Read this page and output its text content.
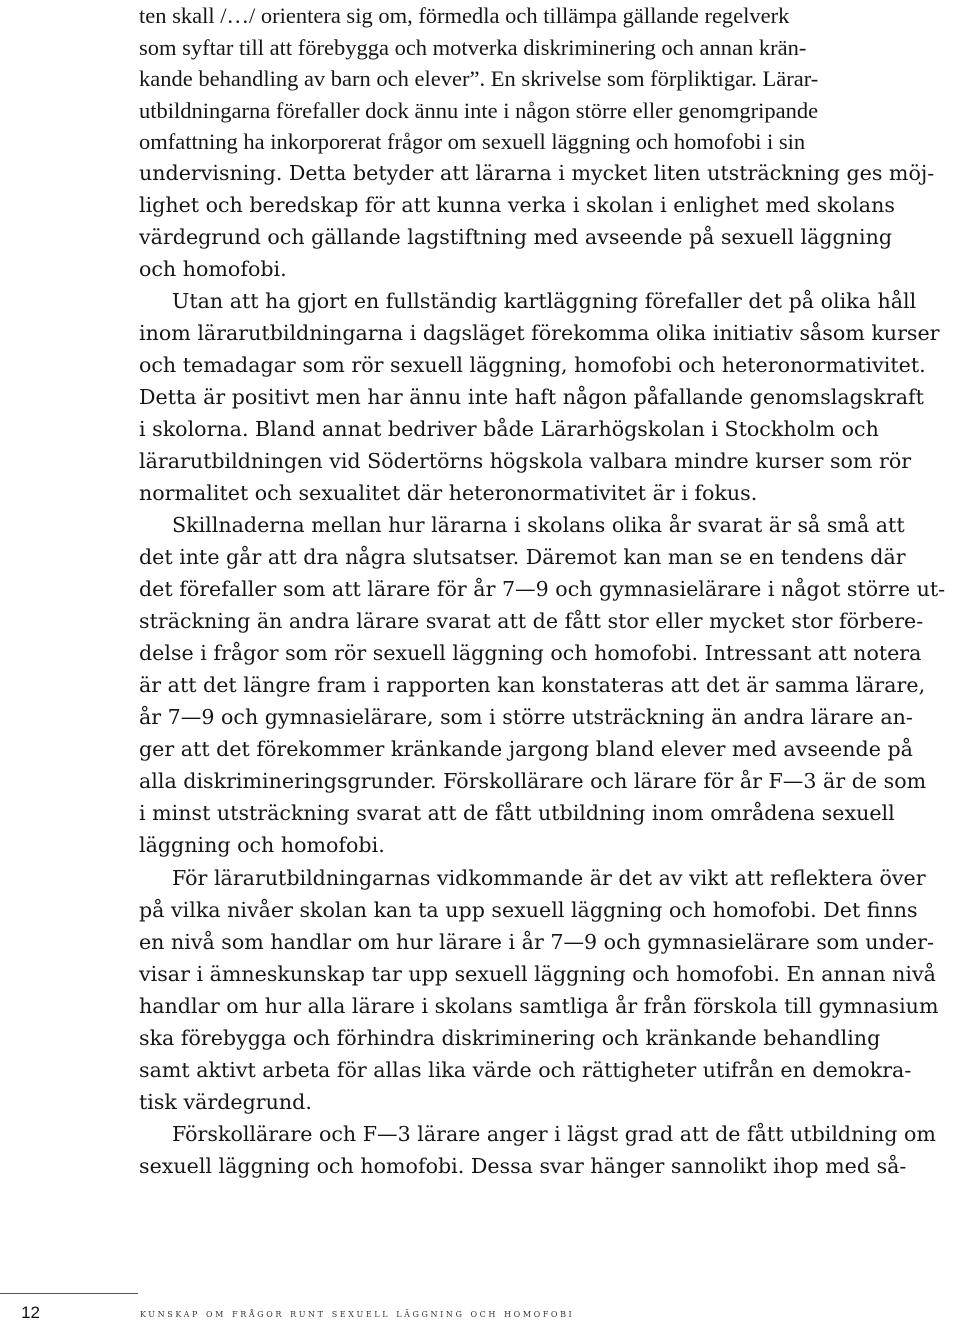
ten skall /…/ orientera sig om, förmedla och tillämpa gällande regelverk
som syftar till att förebygga och motverka diskriminering och annan krän-
kande behandling av barn och elever”. En skrivelse som förpliktigar. Lärar-
utbildningarna förefaller dock ännu inte i någon större eller genomgripande
omfattning ha inkorporerat frågor om sexuell läggning och homofobi i sin
undervisning. Detta betyder att lärarna i mycket liten utsträckning ges möj-
lighet och beredskap för att kunna verka i skolan i enlighet med skolans
värdegrund och gällande lagstiftning med avseende på sexuell läggning
och homofobi.
Utan att ha gjort en fullständig kartläggning förefaller det på olika håll
inom lärarutbildningarna i dagsläget förekomma olika initiativ såsom kurser
och temadagar som rör sexuell läggning, homofobi och heteronormativitet.
Detta är positivt men har ännu inte haft någon påfallande genomslagskraft
i skolorna. Bland annat bedriver både Lärarhögskolan i Stockholm och
lärarutbildningen vid Södertörns högskola valbara mindre kurser som rör
normalitet och sexualitet där heteronormativitet är i fokus.
Skillnaderna mellan hur lärarna i skolans olika år svarat är så små att
det inte går att dra några slutsatser. Däremot kan man se en tendens där
det förefaller som att lärare för år 7—9 och gymnasielärare i något större ut-
sträckning än andra lärare svarat att de fått stor eller mycket stor förbere-
delse i frågor som rör sexuell läggning och homofobi. Intressant att notera
är att det längre fram i rapporten kan konstateras att det är samma lärare,
år 7—9 och gymnasielärare, som i större utsträckning än andra lärare an-
ger att det förekommer kränkande jargong bland elever med avseende på
alla diskrimineringsgrunder. Förskollärare och lärare för år F—3 är de som
i minst utsträckning svarat att de fått utbildning inom områdena sexuell
läggning och homofobi.
För lärarutbildningarnas vidkommande är det av vikt att reflektera över
på vilka nivåer skolan kan ta upp sexuell läggning och homofobi. Det finns
en nivå som handlar om hur lärare i år 7—9 och gymnasielärare som under-
visar i ämneskunskap tar upp sexuell läggning och homofobi. En annan nivå
handlar om hur alla lärare i skolans samtliga år från förskola till gymnasium
ska förebygga och förhindra diskriminering och kränkande behandling
samt aktivt arbeta för allas lika värde och rättigheter utifrån en demokra-
tisk värdegrund.
Förskollärare och F—3 lärare anger i lägst grad att de fått utbildning om
sexuell läggning och homofobi. Dessa svar hänger sannolikt ihop med så-
12	kunskap om frågor runt sexuell läggning och homofobi
